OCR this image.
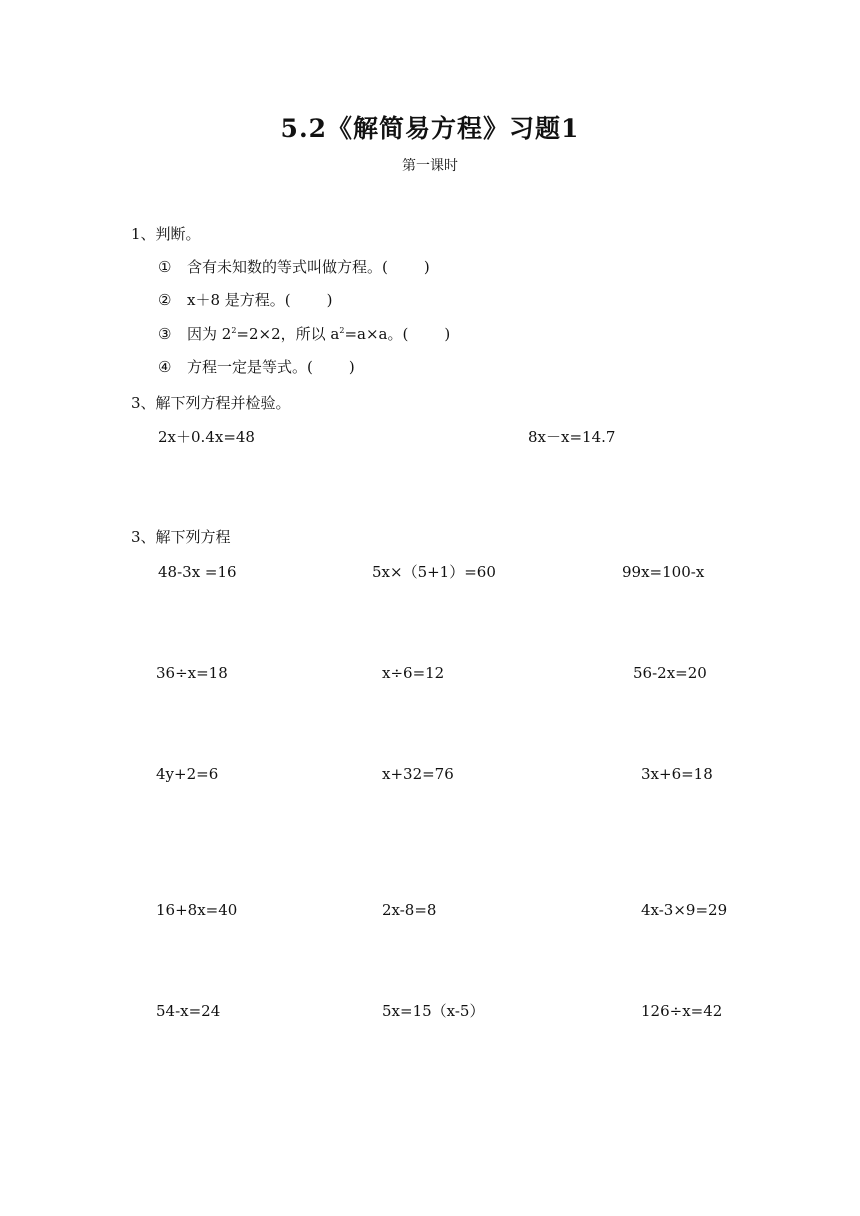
5.2《解简易方程》习题1
第一课时
1、判断。
① 含有未知数的等式叫做方程。( )
② x＋8 是方程。( )
③ 因为 $2^2=2\times 2$，所以 $a^2=a\times a$。( )
④ 方程一定是等式。( )
3、解下列方程并检验。
2x＋0.4x=48	8x－x=14.7
3、解下列方程
48-3x =16	5x×（5+1）=60	99x=100-x
36÷x=18	x÷6=12	56-2x=20
4y+2=6	x+32=76	3x+6=18
16+8x=40	2x-8=8	4x-3×9=29
54-x=24	5x=15（x-5）	126÷x=42
